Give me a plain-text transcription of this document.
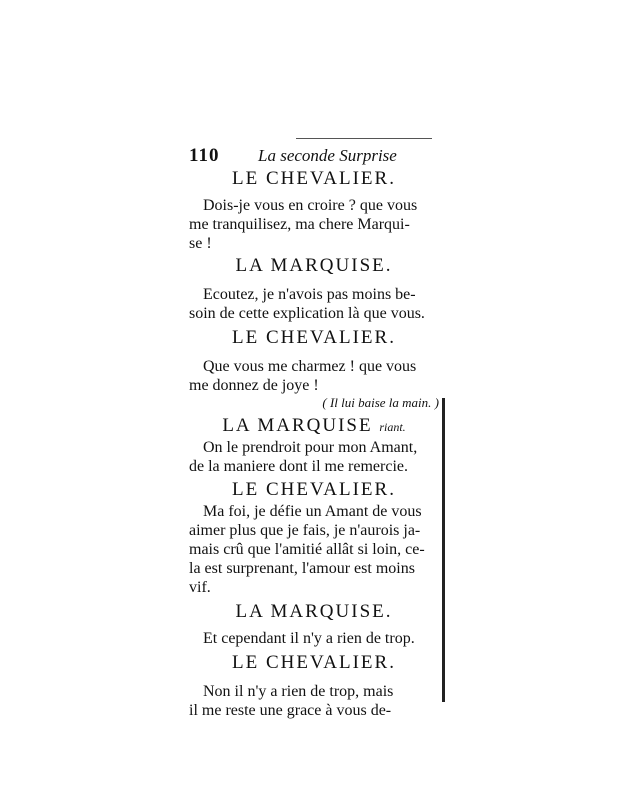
110 La seconde Surprise

LE CHEVALIER.

Dois-je vous en croire ? que vous

me tranquilisez, ma chere Marqui-

se !

LA MARQUISE.

Ecoutez, je n'avois pas moins be-

soin de cette explication là que vous.

LE CHEVALIER.

Que vous me charmez ! que vous

me donnez de joye !

( Il lui baise la main. )

LA MARQUISE riant.

On le prendroit pour mon Amant,

de la maniere dont il me remercie.

LE CHEVALIER.

Ma foi, je défie un Amant de vous

aimer plus que je fais, je n'aurois ja-

mais crû que l'amitié allât si loin, ce-

la est surprenant, l'amour est moins

vif.

LA MARQUISE.

Et cependant il n'y a rien de trop.

LE CHEVALIER.

Non il n'y a rien de trop, mais

il me reste une grace à vous de-
